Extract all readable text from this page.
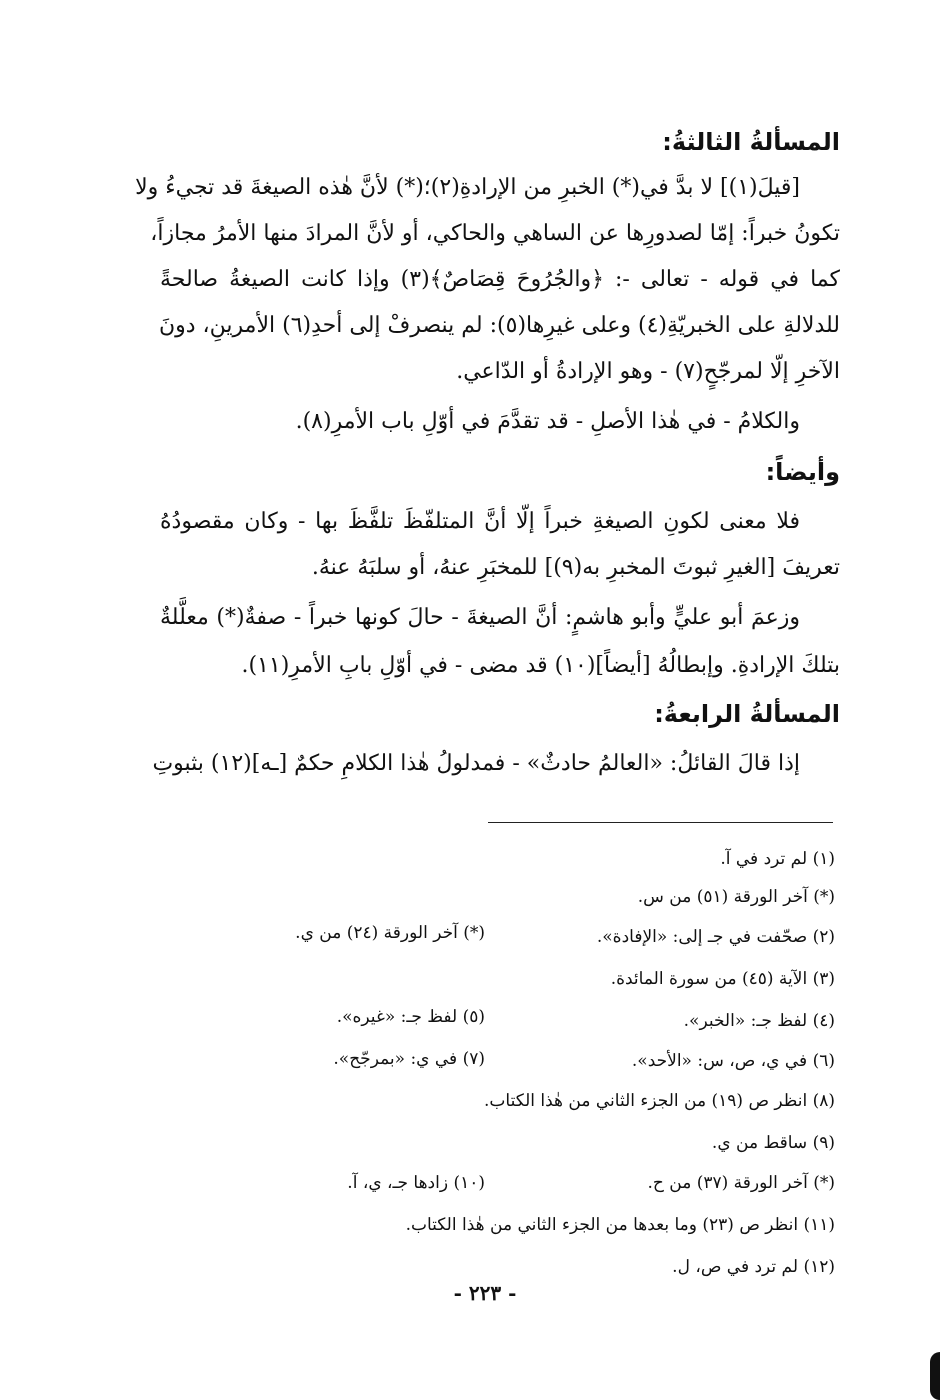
المسألةُ الثالثةُ:
[قيلَ(١)] لا بدَّ في(*) الخبرِ من الإرادةِ(٢)؛(*) لأنَّ هٰذه الصيغةَ قد تجيءُ ولا
تكونُ خبراً: إمّا لصدورِها عن الساهي والحاكي، أو لأنَّ المرادَ منها الأمرُ مجازاً،
كما في قوله - تعالى -: ﴿والجُرُوحَ قِصَاصٌ﴾(٣) وإذا كانت الصيغةُ صالحةً
للدلالةِ على الخبريّةِ(٤) وعلى غيرِها(٥): لم ينصرفْ إلى أحدِ(٦) الأمرينِ، دونَ
الآخرِ إلّا لمرجّحٍ(٧) - وهو الإرادةُ أو الدّاعي.
والكلامُ - في هٰذا الأصلِ - قد تقدَّمَ في أوّلِ باب الأمرِ(٨).
وأيضاً:
فلا معنى لكونِ الصيغةِ خبراً إلّا أنَّ المتلفّظَ تلفَّظَ بها - وكان مقصودُهُ
تعريفَ [الغيرِ ثبوتَ المخبرِ به(٩)] للمخبَرِ عنهُ، أو سلبَهُ عنهُ.
وزعمَ أبو عليٍّ وأبو هاشمٍ: أنَّ الصيغةَ - حالَ كونها خبراً - صفةٌ(*) معلَّلةٌ
بتلكَ الإرادةِ. وإبطالُهُ [أيضاً](١٠) قد مضى - في أوّلِ بابِ الأمرِ(١١).
المسألةُ الرابعةُ:
إذا قالَ القائلُ: «العالمُ حادثٌ» - فمدلولُ هٰذا الكلامِ حكمٌ [ـه](١٢) بثبوتِ
(١) لم ترد في آ.
(*) آخر الورقة (٥١) من س.
(٢) صحّفت في جـ إلى: «الإفادة».
(*) آخر الورقة (٢٤) من ي.
(٣) الآية (٤٥) من سورة المائدة.
(٤) لفظ جـ: «الخبر».
(٥) لفظ جـ: «غيره».
(٦) في ي، ص، س: «الأحد».
(٧) في ي: «بمرجّح».
(٨) انظر ص (١٩) من الجزء الثاني من هٰذا الكتاب.
(٩) ساقط من ي.
(*) آخر الورقة (٣٧) من ح.
(١٠) زادها جـ، ي، آ.
(١١) انظر ص (٢٣) وما بعدها من الجزء الثاني من هٰذا الكتاب.
(١٢) لم ترد في ص، ل.
- ٢٢٣ -
